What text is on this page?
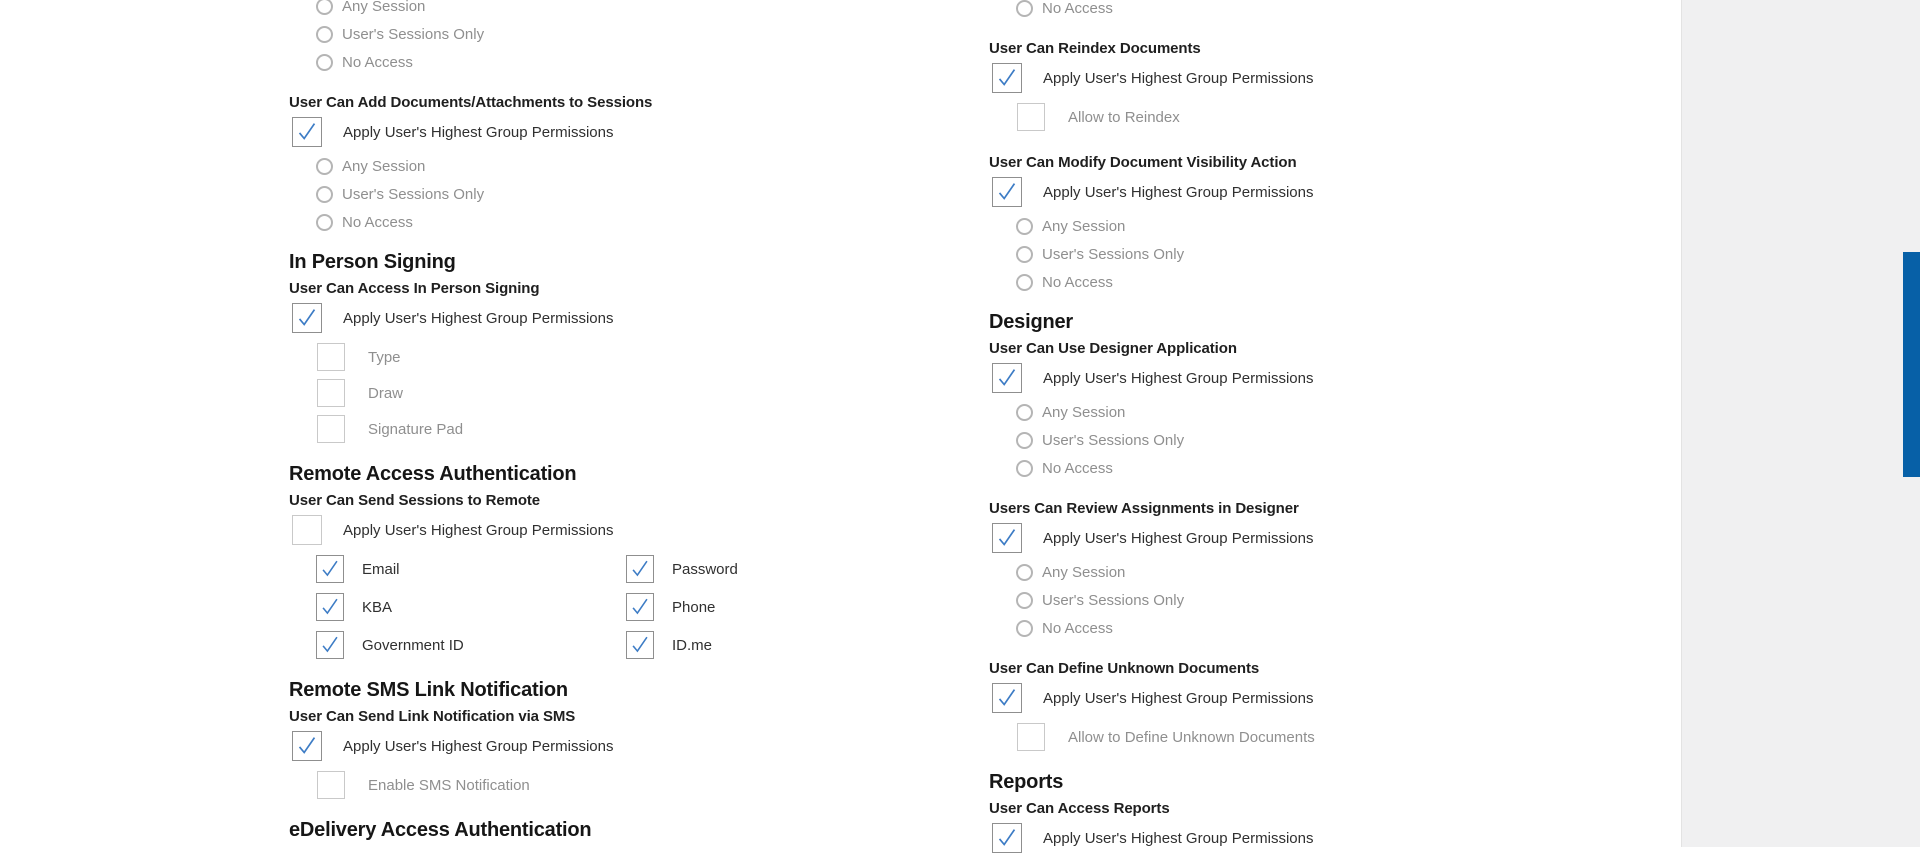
Any Session
User's Sessions Only
No Access
User Can Add Documents/Attachments to Sessions
Apply User's Highest Group Permissions
Any Session
User's Sessions Only
No Access
In Person Signing
User Can Access In Person Signing
Apply User's Highest Group Permissions
Type
Draw
Signature Pad
Remote Access Authentication
User Can Send Sessions to Remote
Apply User's Highest Group Permissions
Email	Password
KBA	Phone
Government ID	ID.me
Remote SMS Link Notification
User Can Send Link Notification via SMS
Apply User's Highest Group Permissions
Enable SMS Notification
eDelivery Access Authentication
No Access
User Can Reindex Documents
Apply User's Highest Group Permissions
Allow to Reindex
User Can Modify Document Visibility Action
Apply User's Highest Group Permissions
Any Session
User's Sessions Only
No Access
Designer
User Can Use Designer Application
Apply User's Highest Group Permissions
Any Session
User's Sessions Only
No Access
Users Can Review Assignments in Designer
Apply User's Highest Group Permissions
Any Session
User's Sessions Only
No Access
User Can Define Unknown Documents
Apply User's Highest Group Permissions
Allow to Define Unknown Documents
Reports
User Can Access Reports
Apply User's Highest Group Permissions
